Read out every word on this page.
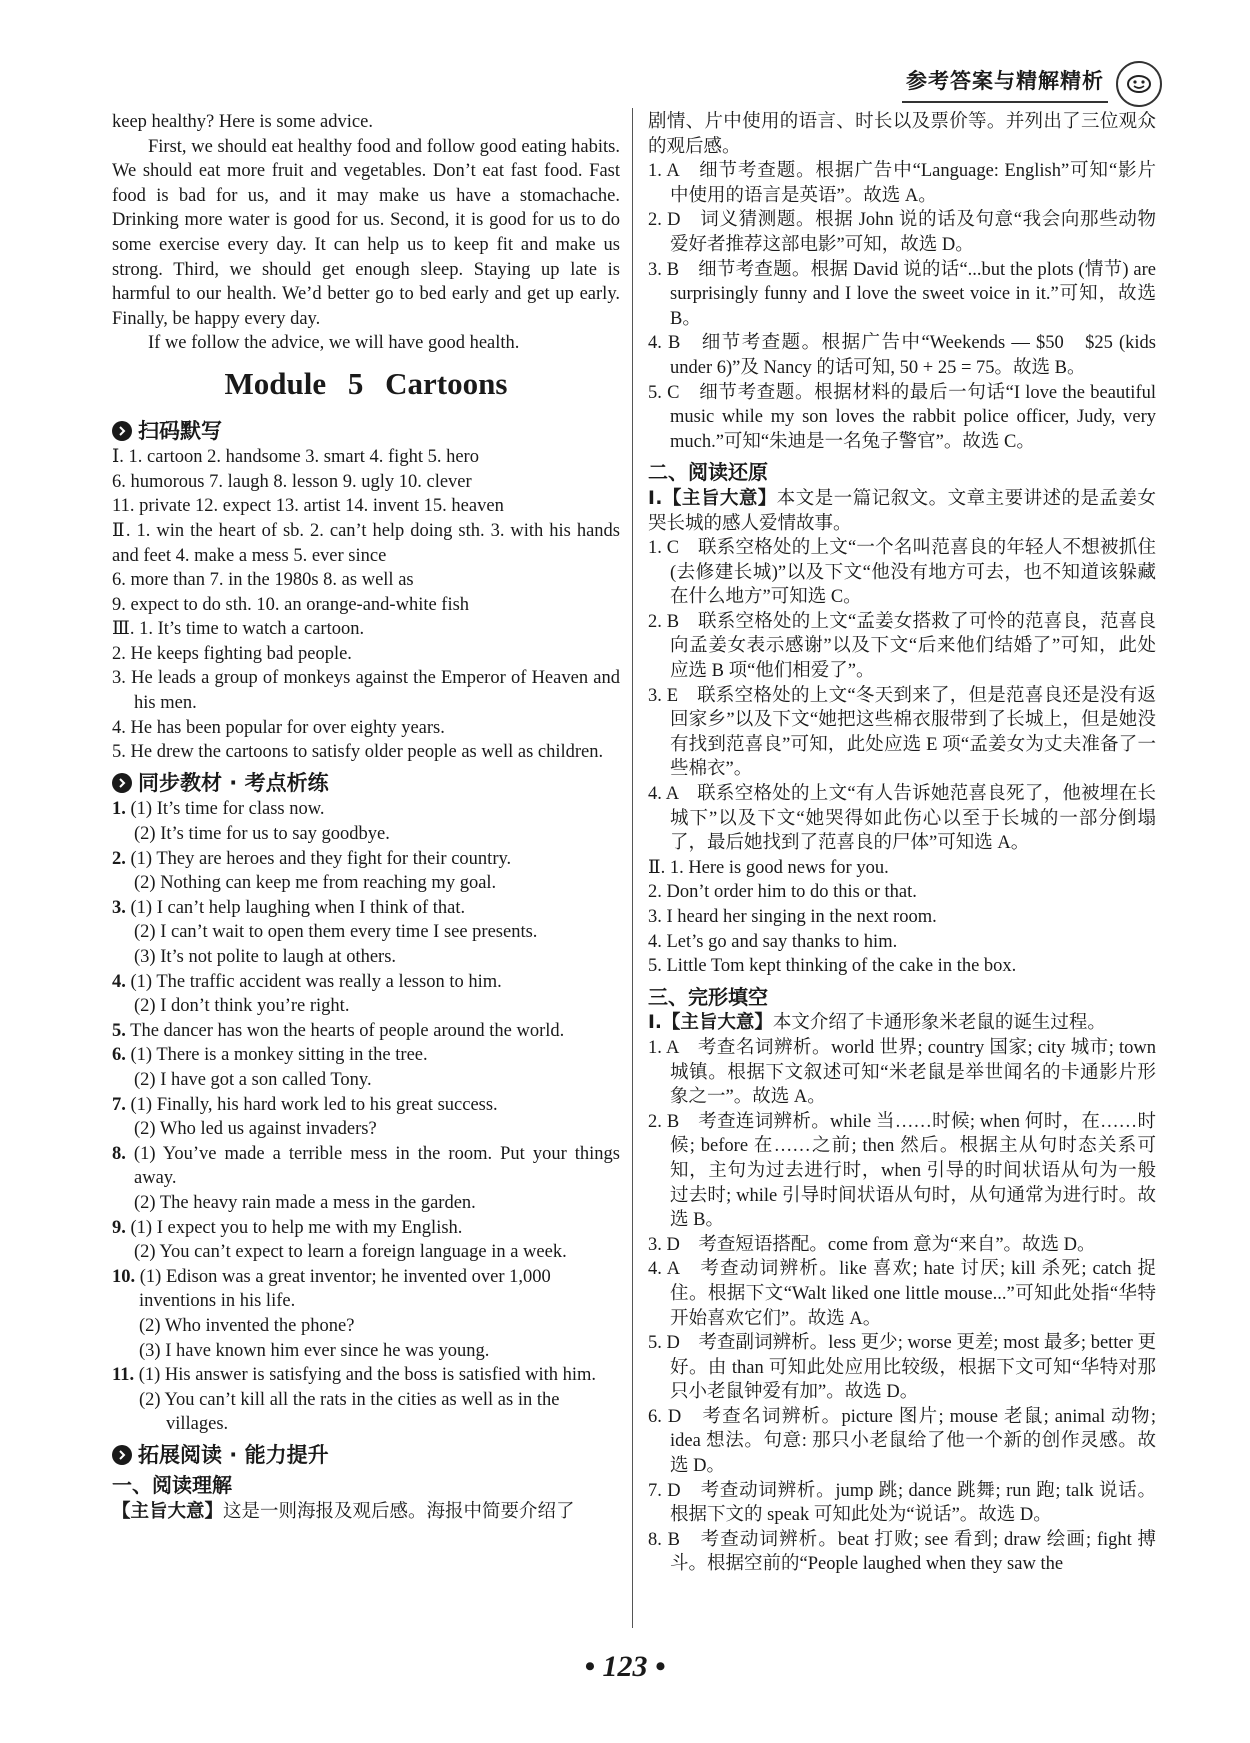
参考答案与精解精析

keep healthy? Here is some advice.

First, we should eat healthy food and follow good eating habits. We should eat more fruit and vegetables. Don’t eat fast food. Fast food is bad for us, and it may make us have a stomachache. Drinking more water is good for us. Second, it is good for us to do some exercise every day. It can help us to keep fit and make us strong. Third, we should get enough sleep. Staying up late is harmful to our health. We’d better go to bed early and get up early. Finally, be happy every day.

If we follow the advice, we will have good health.

Module 5 Cartoons
扫码默写

Ⅰ. 1. cartoon 2. handsome 3. smart 4. fight 5. hero

6. humorous 7. laugh 8. lesson 9. ugly 10. clever

11. private 12. expect 13. artist 14. invent 15. heaven

Ⅱ. 1. win the heart of sb. 2. can’t help doing sth. 3. with his hands and feet 4. make a mess 5. ever since

6. more than 7. in the 1980s 8. as well as

9. expect to do sth. 10. an orange-and-white fish

Ⅲ. 1. It’s time to watch a cartoon.

2. He keeps fighting bad people.

3. He leads a group of monkeys against the Emperor of Heaven and his men.

4. He has been popular for over eighty years.

5. He drew the cartoons to satisfy older people as well as children.

同步教材 · 考点析练

1. (1) It’s time for class now.

(2) It’s time for us to say goodbye.

2. (1) They are heroes and they fight for their country.

(2) Nothing can keep me from reaching my goal.

3. (1) I can’t help laughing when I think of that.

(2) I can’t wait to open them every time I see presents.

(3) It’s not polite to laugh at others.

4. (1) The traffic accident was really a lesson to him.

(2) I don’t think you’re right.

5. The dancer has won the hearts of people around the world.

6. (1) There is a monkey sitting in the tree.

(2) I have got a son called Tony.

7. (1) Finally, his hard work led to his great success.

(2) Who led us against invaders?

8. (1) You’ve made a terrible mess in the room. Put your things away.

(2) The heavy rain made a mess in the garden.

9. (1) I expect you to help me with my English.

(2) You can’t expect to learn a foreign language in a week.

10. (1) Edison was a great inventor; he invented over 1,000 inventions in his life.

(2) Who invented the phone?

(3) I have known him ever since he was young.

11. (1) His answer is satisfying and the boss is satisfied with him.

(2) You can’t kill all the rats in the cities as well as in the villages.

拓展阅读 · 能力提升
一、阅读理解

【主旨大意】这是一则海报及观后感。海报中简要介绍了

剧情、片中使用的语言、时长以及票价等。并列出了三位观众的观后感。

1. A　细节考查题。根据广告中“Language: English”可知“影片中使用的语言是英语”。故选 A。

2. D　词义猜测题。根据 John 说的话及句意“我会向那些动物爱好者推荐这部电影”可知，故选 D。

3. B　细节考查题。根据 David 说的话“...but the plots (情节) are surprisingly funny and I love the sweet voice in it.”可知，故选 B。

4. B　细节考查题。根据广告中“Weekends — $50　$25 (kids under 6)”及 Nancy 的话可知, 50 + 25 = 75。故选 B。

5. C　细节考查题。根据材料的最后一句话“I love the beautiful music while my son loves the rabbit police officer, Judy, very much.”可知“朱迪是一名兔子警官”。故选 C。

二、阅读还原

Ⅰ.【主旨大意】本文是一篇记叙文。文章主要讲述的是孟姜女哭长城的感人爱情故事。

1. C　联系空格处的上文“一个名叫范喜良的年轻人不想被抓住(去修建长城)”以及下文“他没有地方可去，也不知道该躲藏在什么地方”可知选 C。

2. B　联系空格处的上文“孟姜女搭救了可怜的范喜良，范喜良向孟姜女表示感谢”以及下文“后来他们结婚了”可知，此处应选 B 项“他们相爱了”。

3. E　联系空格处的上文“冬天到来了，但是范喜良还是没有返回家乡”以及下文“她把这些棉衣服带到了长城上，但是她没有找到范喜良”可知，此处应选 E 项“孟姜女为丈夫准备了一些棉衣”。

4. A　联系空格处的上文“有人告诉她范喜良死了，他被埋在长城下”以及下文“她哭得如此伤心以至于长城的一部分倒塌了，最后她找到了范喜良的尸体”可知选 A。

Ⅱ. 1. Here is good news for you.

2. Don’t order him to do this or that.

3. I heard her singing in the next room.

4. Let’s go and say thanks to him.

5. Little Tom kept thinking of the cake in the box.

三、完形填空

Ⅰ.【主旨大意】本文介绍了卡通形象米老鼠的诞生过程。

1. A　考查名词辨析。world 世界; country 国家; city 城市; town 城镇。根据下文叙述可知“米老鼠是举世闻名的卡通影片形象之一”。故选 A。

2. B　考查连词辨析。while 当……时候; when 何时，在……时候; before 在……之前; then 然后。根据主从句时态关系可知，主句为过去进行时，when 引导的时间状语从句为一般过去时; while 引导时间状语从句时，从句通常为进行时。故选 B。

3. D　考查短语搭配。come from 意为“来自”。故选 D。

4. A　考查动词辨析。like 喜欢; hate 讨厌; kill 杀死; catch 捉住。根据下文“Walt liked one little mouse...”可知此处指“华特开始喜欢它们”。故选 A。

5. D　考查副词辨析。less 更少; worse 更差; most 最多; better 更好。由 than 可知此处应用比较级，根据下文可知“华特对那只小老鼠钟爱有加”。故选 D。

6. D　考查名词辨析。picture 图片; mouse 老鼠; animal 动物; idea 想法。句意: 那只小老鼠给了他一个新的创作灵感。故选 D。

7. D　考查动词辨析。jump 跳; dance 跳舞; run 跑; talk 说话。根据下文的 speak 可知此处为“说话”。故选 D。

8. B　考查动词辨析。beat 打败; see 看到; draw 绘画; fight 搏斗。根据空前的“People laughed when they saw the

• 123 •
